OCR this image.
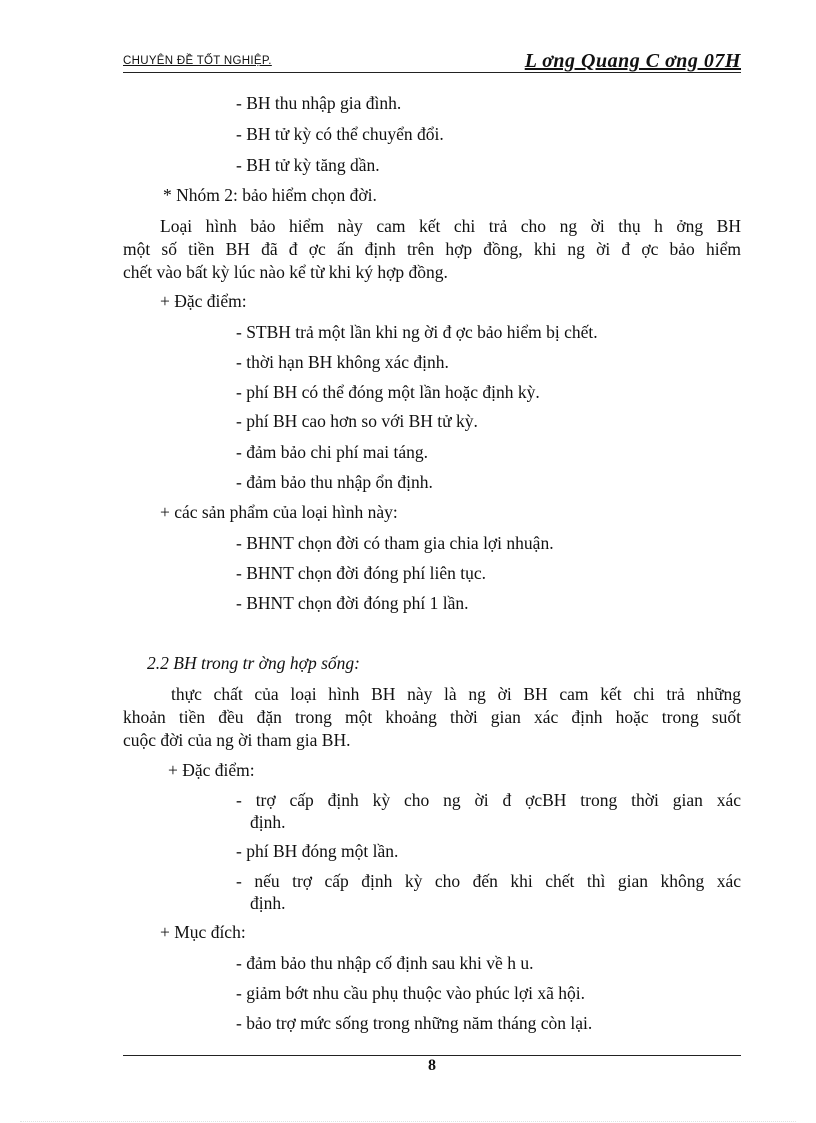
CHUYÊN ĐỀ TỐT NGHIỆP.	L ơng Quang C ơng 07H
- BH thu nhập gia đình.
- BH tử kỳ có thể chuyển đổi.
- BH tử kỳ tăng dần.
* Nhóm 2: bảo hiểm chọn đời.
Loại hình bảo hiểm này cam kết chi trả cho ng ời thụ h ởng BH
một số tiền BH đã đ ợc ấn định trên hợp đồng, khi ng ời đ ợc bảo hiểm
chết vào bất kỳ lúc nào kể từ khi ký hợp đồng.
+ Đặc điểm:
- STBH trả một lần khi ng ời đ ợc bảo hiểm bị chết.
- thời hạn BH không xác định.
- phí BH có thể đóng một lần hoặc định kỳ.
- phí BH cao hơn so với BH tử kỳ.
- đảm bảo chi phí mai táng.
- đảm bảo thu nhập ổn định.
+ các sản phẩm của loại hình này:
- BHNT chọn đời có tham gia chia lợi nhuận.
- BHNT chọn đời đóng phí liên tục.
- BHNT chọn đời đóng phí 1 lần.
2.2 BH trong tr ờng hợp sống:
thực chất của loại hình BH này là ng ời BH cam kết chi trả những
khoản tiền đều đặn trong một khoảng thời gian xác định hoặc trong suốt
cuộc đời của ng ời tham gia BH.
+ Đặc điểm:
- trợ cấp định kỳ cho ng ời đ ợcBH trong thời gian xác
định.
- phí BH đóng một lần.
- nếu trợ cấp định kỳ cho đến khi chết thì gian không xác
định.
+ Mục đích:
- đảm bảo thu nhập cố định sau khi về h u.
- giảm bớt nhu cầu phụ thuộc vào phúc lợi xã hội.
- bảo trợ mức sống trong những năm tháng còn lại.
8
